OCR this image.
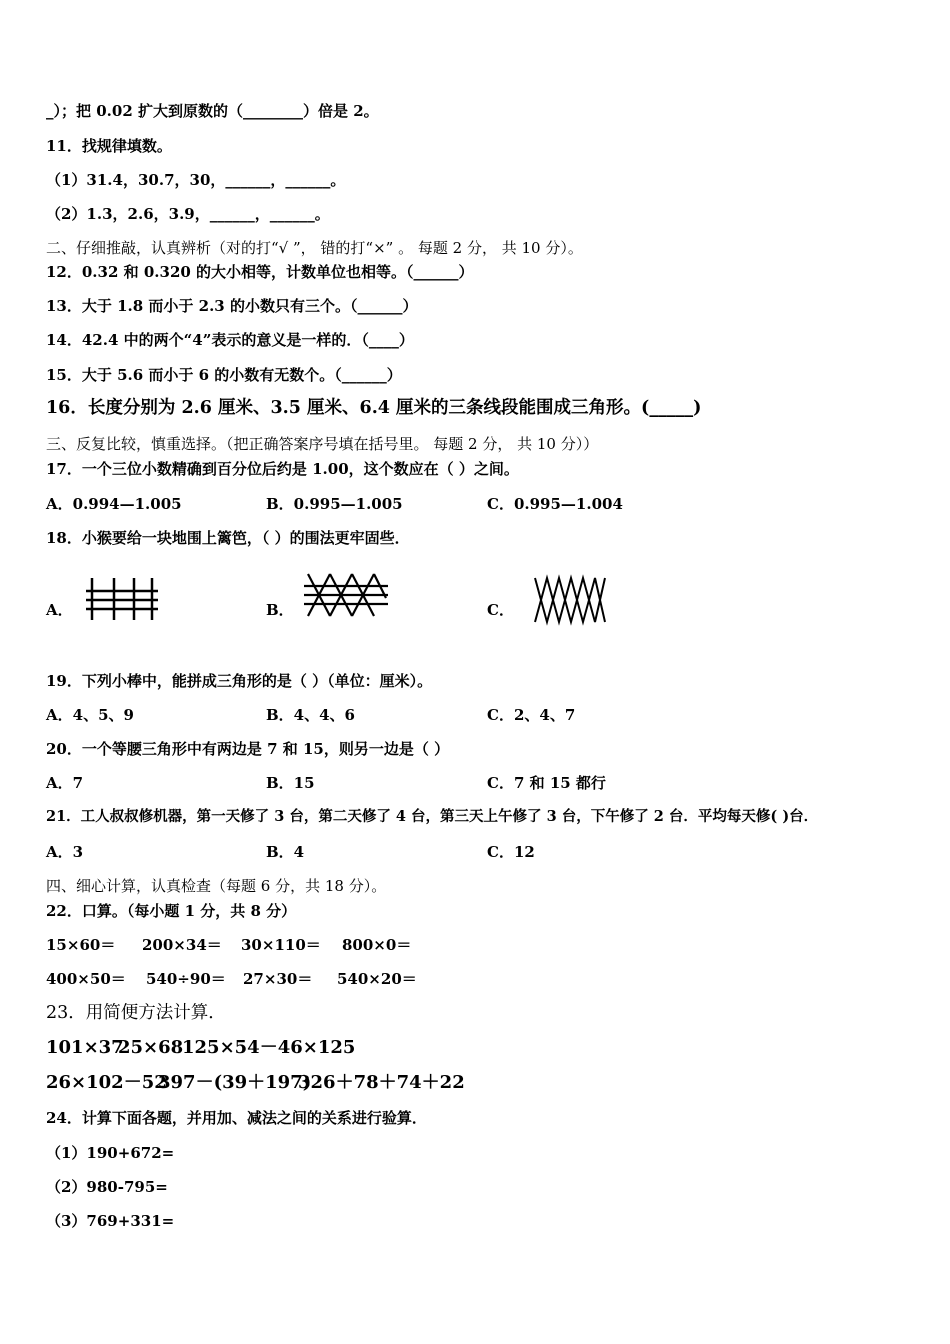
_）；把 0.02 扩大到原数的（________）倍是 2。
11．找规律填数。
（1）31.4，30.7，30，______，______。
（2）1.3，2.6，3.9，______，______。
二、仔细推敲，认真辨析（对的打“√ ”， 错的打“×” 。 每题 2 分， 共 10 分）。
12．0.32 和 0.320 的大小相等，计数单位也相等。（______）
13．大于 1.8 而小于 2.3 的小数只有三个。（______）
14．42.4 中的两个“4”表示的意义是一样的．（____）
15．大于 5.6 而小于 6 的小数有无数个。（______）
16．长度分别为 2.6 厘米、3.5 厘米、6.4 厘米的三条线段能围成三角形。(_____)
三、反复比较，慎重选择。（把正确答案序号填在括号里。 每题 2 分， 共 10 分））
17．一个三位小数精确到百分位后约是 1.00，这个数应在（ ）之间。
A．0.994—1.005	B．0.995—1.005	C．0.995—1.004
18．小猴要给一块地围上篱笆，（ ）的围法更牢固些．
A．	B．	C．
19．下列小棒中，能拼成三角形的是（ ）（单位：厘米）。
A．4、5、9	B．4、4、6	C．2、4、7
20．一个等腰三角形中有两边是 7 和 15，则另一边是（ ）
A．7	B．15	C．7 和 15 都行
21．工人叔叔修机器，第一天修了 3 台，第二天修了 4 台，第三天上午修了 3 台，下午修了 2 台．平均每天修( )台．
A．3	B．4	C．12
四、细心计算，认真检查（每题 6 分，共 18 分）。
22．口算。（每小题 1 分，共 8 分）
15×60＝ 200×34＝ 30×110＝ 800×0＝
400×50＝ 540÷90＝ 27×30＝ 540×20＝
23．用简便方法计算．
101×37
25×68
125×54－46×125
26×102－52
397－(39＋197)
326＋78＋74＋22
24．计算下面各题，并用加、减法之间的关系进行验算．
（1）190+672=
（2）980-795=
（3）769+331=
